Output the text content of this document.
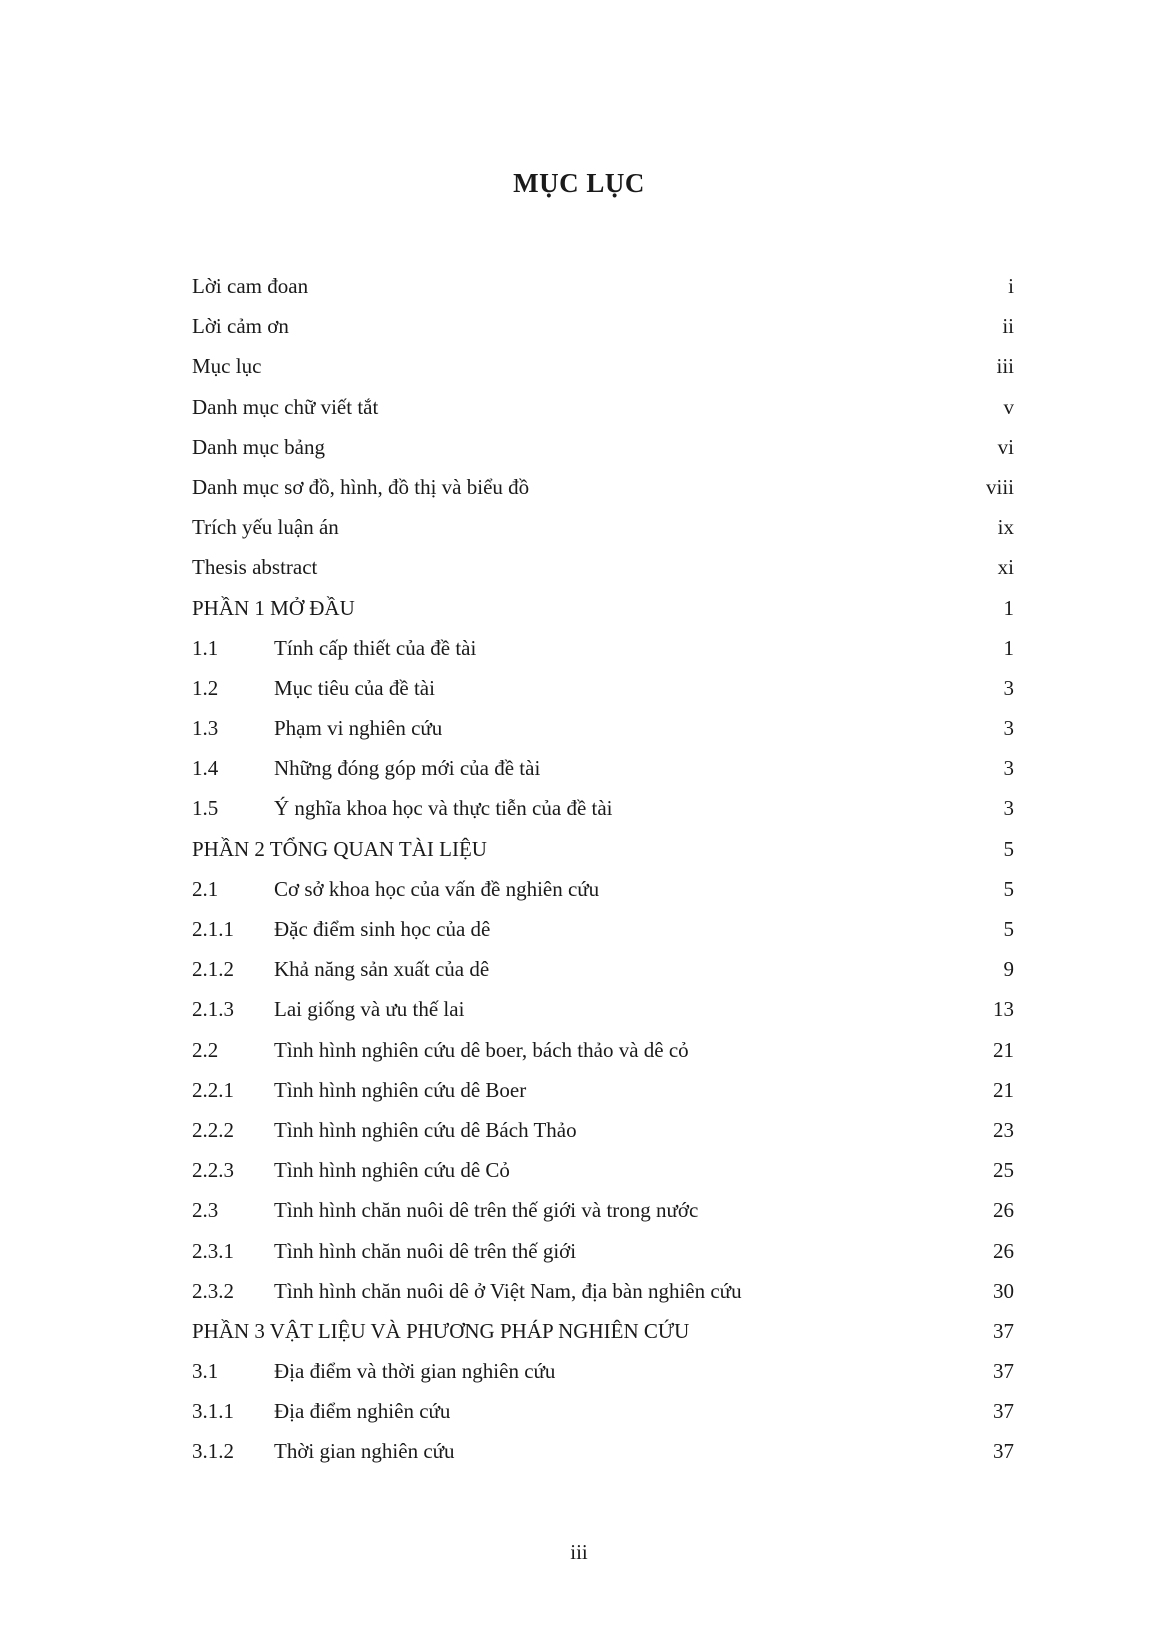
MỤC LỤC
Lời cam đoan	i
Lời cảm ơn	ii
Mục lục	iii
Danh mục chữ viết tắt	v
Danh mục bảng	vi
Danh mục sơ đồ, hình, đồ thị và biểu đồ	viii
Trích yếu luận án	ix
Thesis abstract	xi
PHẦN 1 MỞ ĐẦU	1
1.1	Tính cấp thiết của đề tài	1
1.2	Mục tiêu của đề tài	3
1.3	Phạm vi nghiên cứu	3
1.4	Những đóng góp mới của đề tài	3
1.5	Ý nghĩa khoa học và thực tiễn của đề tài	3
PHẦN 2 TỔNG QUAN TÀI LIỆU	5
2.1	Cơ sở khoa học của vấn đề nghiên cứu	5
2.1.1 Đặc điểm sinh học của dê	5
2.1.2 Khả năng sản xuất của dê	9
2.1.3 Lai giống và ưu thế lai	13
2.2	Tình hình nghiên cứu dê boer, bách thảo và dê cỏ	21
2.2.1 Tình hình nghiên cứu dê Boer	21
2.2.2 Tình hình nghiên cứu dê Bách Thảo	23
2.2.3 Tình hình nghiên cứu dê Cỏ	25
2.3	Tình hình chăn nuôi dê trên thế giới và trong nước	26
2.3.1 Tình hình chăn nuôi dê trên thế giới	26
2.3.2 Tình hình chăn nuôi dê ở Việt Nam, địa bàn nghiên cứu	30
PHẦN 3 VẬT LIỆU VÀ PHƯƠNG PHÁP NGHIÊN CỨU	37
3.1	Địa điểm và thời gian nghiên cứu	37
3.1.1 Địa điểm nghiên cứu	37
3.1.2 Thời gian nghiên cứu	37
iii
